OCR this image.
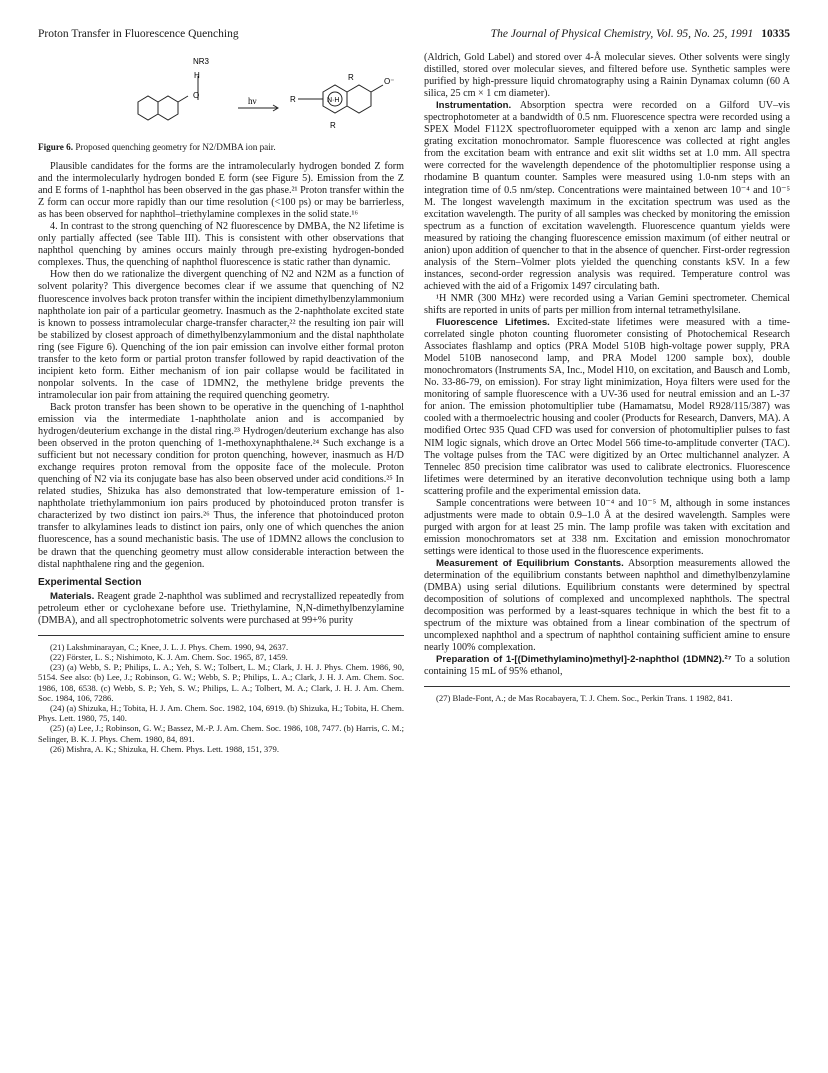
Proton Transfer in Fluorescence Quenching	The Journal of Physical Chemistry, Vol. 95, No. 25, 1991 10335
NR3
H
O
hν
R
R	N·H
O⁻
R

Figure 6. Proposed quenching geometry for N2/DMBA ion pair.

Plausible candidates for the forms are the intramolecularly hydrogen bonded Z form and the intermolecularly hydrogen bonded E form (see Figure 5). Emission from the Z and E forms of 1-naphthol has been observed in the gas phase.²¹ Proton transfer within the Z form can occur more rapidly than our time resolution (<100 ps) or may be barrierless, as has been observed for naphthol–triethylamine complexes in the solid state.¹⁶

4. In contrast to the strong quenching of N2 fluorescence by DMBA, the N2 lifetime is only partially affected (see Table III). This is consistent with other observations that naphthol quenching by amines occurs mainly through pre-existing hydrogen-bonded complexes. Thus, the quenching of naphthol fluorescence is static rather than dynamic.

How then do we rationalize the divergent quenching of N2 and N2M as a function of solvent polarity? This divergence becomes clear if we assume that quenching of N2 fluorescence involves back proton transfer within the incipient dimethylbenzylammonium naphtholate ion pair of a particular geometry. Inasmuch as the 2-naphtholate excited state is known to possess intramolecular charge-transfer character,²² the resulting ion pair will be stabilized by closest approach of dimethylbenzylammonium and the distal naphtholate ring (see Figure 6). Quenching of the ion pair emission can involve either formal proton transfer to the keto form or partial proton transfer followed by rapid deactivation of the incipient keto form. Either mechanism of ion pair collapse would be facilitated in nonpolar solvents. In the case of 1DMN2, the methylene bridge prevents the intramolecular ion pair from attaining the required quenching geometry.

Back proton transfer has been shown to be operative in the quenching of 1-naphthol emission via the intermediate 1-naphtholate anion and is accompanied by hydrogen/deuterium exchange in the distal ring.²³ Hydrogen/deuterium exchange has also been observed in the proton quenching of 1-methoxynaphthalene.²⁴ Such exchange is a sufficient but not necessary condition for proton quenching, however, inasmuch as H/D exchange requires proton removal from the opposite face of the molecule. Proton quenching of N2 via its conjugate base has also been observed under acid conditions.²⁵ In related studies, Shizuka has also demonstrated that low-temperature emission of 1-naphtholate triethylammonium ion pairs produced by photoinduced proton transfer is characterized by two distinct ion pairs.²⁶ Thus, the inference that photoinduced proton transfer to alkylamines leads to distinct ion pairs, only one of which quenches the anion fluorescence, has a sound mechanistic basis. The use of 1DMN2 allows the conclusion to be drawn that the quenching geometry must allow considerable interaction between the distal naphthalene ring and the gegenion.

Experimental Section

Materials. Reagent grade 2-naphthol was sublimed and recrystallized repeatedly from petroleum ether or cyclohexane before use. Triethylamine, N,N-dimethylbenzylamine (DMBA), and all spectrophotometric solvents were purchased at 99+% purity

(21) Lakshminarayan, C.; Knee, J. L. J. Phys. Chem. 1990, 94, 2637.

(22) Förster, L. S.; Nishimoto, K. J. Am. Chem. Soc. 1965, 87, 1459.

(23) (a) Webb, S. P.; Philips, L. A.; Yeh, S. W.; Tolbert, L. M.; Clark, J. H. J. Phys. Chem. 1986, 90, 5154. See also: (b) Lee, J.; Robinson, G. W.; Webb, S. P.; Philips, L. A.; Clark, J. H. J. Am. Chem. Soc. 1986, 108, 6538. (c) Webb, S. P.; Yeh, S. W.; Philips, L. A.; Tolbert, M. A.; Clark, J. H. J. Am. Chem. Soc. 1984, 106, 7286.

(24) (a) Shizuka, H.; Tobita, H. J. Am. Chem. Soc. 1982, 104, 6919. (b) Shizuka, H.; Tobita, H. Chem. Phys. Lett. 1980, 75, 140.

(25) (a) Lee, J.; Robinson, G. W.; Bassez, M.-P. J. Am. Chem. Soc. 1986, 108, 7477. (b) Harris, C. M.; Selinger, B. K. J. Phys. Chem. 1980, 84, 891.

(26) Mishra, A. K.; Shizuka, H. Chem. Phys. Lett. 1988, 151, 379.

(Aldrich, Gold Label) and stored over 4-Å molecular sieves. Other solvents were singly distilled, stored over molecular sieves, and filtered before use. Synthetic samples were purified by high-pressure liquid chromatography using a Rainin Dynamax column (60 A silica, 25 cm × 1 cm diameter).

Instrumentation. Absorption spectra were recorded on a Gilford UV–vis spectrophotometer at a bandwidth of 0.5 nm. Fluorescence spectra were recorded using a SPEX Model F112X spectrofluorometer equipped with a xenon arc lamp and single grating excitation monochromator. Sample fluorescence was collected at right angles from the excitation beam with entrance and exit slit widths set at 1.0 mm. All spectra were corrected for the wavelength dependence of the photomultiplier response using a rhodamine B quantum counter. Samples were measured using 1.0-nm steps with an integration time of 0.5 nm/step. Concentrations were maintained between 10⁻⁴ and 10⁻⁵ M. The longest wavelength maximum in the excitation spectrum was used as the excitation wavelength. The purity of all samples was checked by monitoring the emission spectrum as a function of excitation wavelength. Fluorescence quantum yields were measured by ratioing the changing fluorescence emission maximum (of either neutral or anion) upon addition of quencher to that in the absence of quencher. First-order regression analysis of the Stern–Volmer plots yielded the quenching constants kSV. In a few instances, second-order regression analysis was required. Temperature control was achieved with the aid of a Frigomix 1497 circulating bath.

¹H NMR (300 MHz) were recorded using a Varian Gemini spectrometer. Chemical shifts are reported in units of parts per million from internal tetramethylsilane.

Fluorescence Lifetimes. Excited-state lifetimes were measured with a time-correlated single photon counting fluorometer consisting of Photochemical Research Associates flashlamp and optics (PRA Model 510B high-voltage power supply, PRA Model 510B nanosecond lamp, and PRA Model 1200 sample box), double monochromators (Instruments SA, Inc., Model H10, on excitation, and Bausch and Lomb, No. 33-86-79, on emission). For stray light minimization, Hoya filters were used for the monitoring of sample fluorescence with a UV-36 used for neutral emission and an L-37 for anion. The emission photomultiplier tube (Hamamatsu, Model R928/115/387) was cooled with a thermoelectric housing and cooler (Products for Research, Danvers, MA). A modified Ortec 935 Quad CFD was used for conversion of photomultiplier pulses to fast NIM logic signals, which drove an Ortec Model 566 time-to-amplitude converter (TAC). The voltage pulses from the TAC were digitized by an Ortec multichannel analyzer. A Tennelec 850 precision time calibrator was used to calibrate electronics. Fluorescence lifetimes were determined by an iterative deconvolution technique using both a lamp scattering profile and the experimental emission data.

Sample concentrations were between 10⁻⁴ and 10⁻⁵ M, although in some instances adjustments were made to obtain 0.9–1.0 Å at the desired wavelength. Samples were purged with argon for at least 25 min. The lamp profile was taken with excitation and emission monochromators set at 338 nm. Excitation and emission monochromator settings were identical to those used in the fluorescence experiments.

Measurement of Equilibrium Constants. Absorption measurements allowed the determination of the equilibrium constants between naphthol and dimethylbenzylamine (DMBA) using serial dilutions. Equilibrium constants were determined by spectral decomposition of solutions of complexed and uncomplexed naphthols. The spectral decomposition was performed by a least-squares technique in which the best fit to a spectrum of the mixture was obtained from a linear combination of the spectrum of uncomplexed naphthol and a spectrum of naphthol containing sufficient amine to ensure nearly 100% complexation.

Preparation of 1-[(Dimethylamino)methyl]-2-naphthol (1DMN2).²⁷ To a solution containing 15 mL of 95% ethanol,

(27) Blade-Font, A.; de Mas Rocabayera, T. J. Chem. Soc., Perkin Trans. 1 1982, 841.
